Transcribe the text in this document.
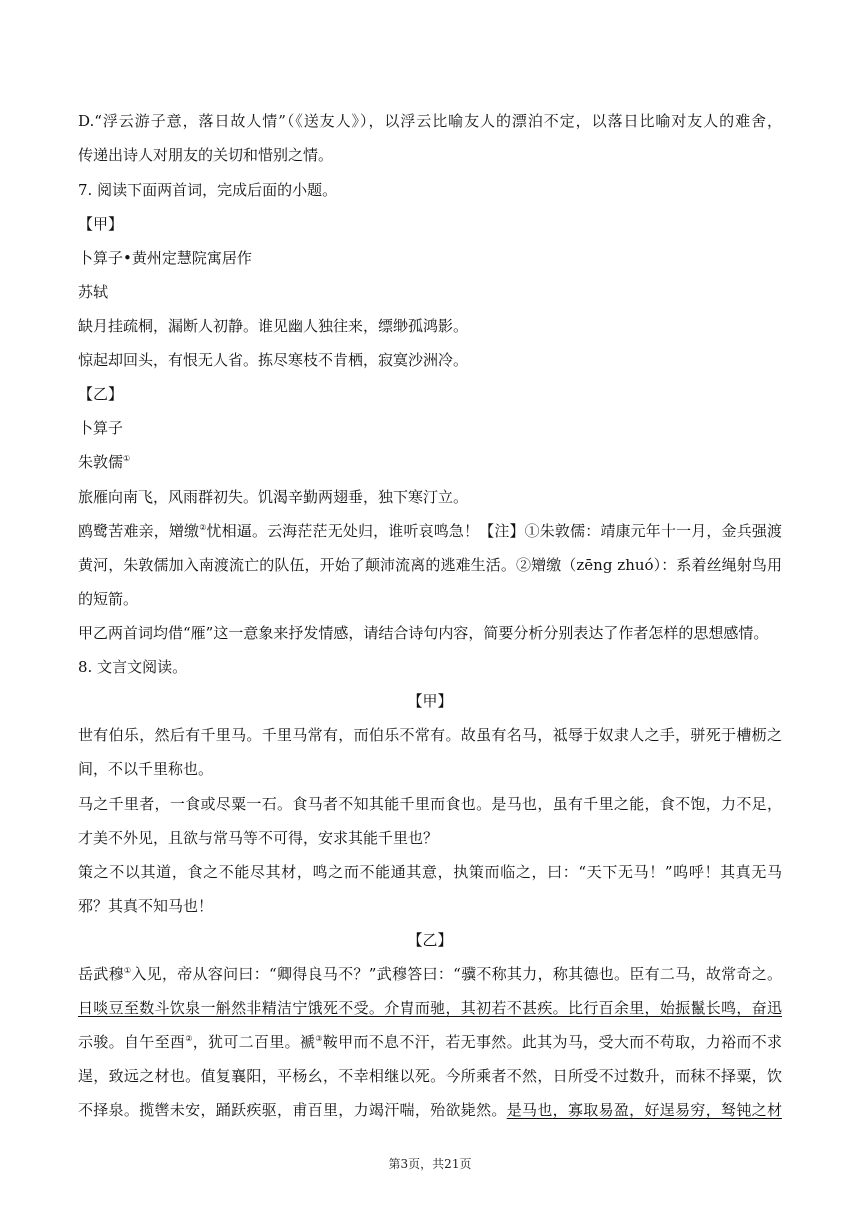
D.“浮云游子意，落日故人情”（《送友人》），以浮云比喻友人的漂泊不定，以落日比喻对友人的难舍，
传递出诗人对朋友的关切和惜别之情。
7. 阅读下面两首词，完成后面的小题。
【甲】
卜算子•黄州定慧院寓居作
苏轼
缺月挂疏桐，漏断人初静。谁见幽人独往来，缥缈孤鸿影。
惊起却回头，有恨无人省。拣尽寒枝不肯栖，寂寞沙洲冷。
【乙】
卜算子
朱敦儒①
旅雁向南飞，风雨群初失。饥渴辛勤两翅垂，独下寒汀立。
鸥鹭苦难亲，矰缴②忧相逼。云海茫茫无处归，谁听哀鸣急！【注】①朱敦儒：靖康元年十一月，金兵强渡
黄河，朱敦儒加入南渡流亡的队伍，开始了颠沛流离的逃难生活。②矰缴（zēng zhuó）：系着丝绳射鸟用
的短箭。
甲乙两首词均借“雁”这一意象来抒发情感，请结合诗句内容，简要分析分别表达了作者怎样的思想感情。
8. 文言文阅读。
【甲】
世有伯乐，然后有千里马。千里马常有，而伯乐不常有。故虽有名马，祗辱于奴隶人之手，骈死于槽枥之
间，不以千里称也。
马之千里者，一食或尽粟一石。食马者不知其能千里而食也。是马也，虽有千里之能，食不饱，力不足，
才美不外见，且欲与常马等不可得，安求其能千里也？
策之不以其道，食之不能尽其材，鸣之而不能通其意，执策而临之，曰：“天下无马！”呜呼！其真无马
邪？其真不知马也！
【乙】
岳武穆①入见，帝从容问曰：“卿得良马不？”武穆答曰：“骥不称其力，称其德也。臣有二马，故常奇之。
日啖豆至数斗饮泉一斛然非精洁宁饿死不受。介胄而驰，其初若不甚疾。比行百余里，始振鬣长鸣，奋迅
示骏。自午至酉②，犹可二百里。褫③鞍甲而不息不汗，若无事然。此其为马，受大而不苟取，力裕而不求
逞，致远之材也。值复襄阳，平杨幺，不幸相继以死。今所乘者不然，日所受不过数升，而秣不择粟，饮
不择泉。揽辔未安，踊跃疾驱，甫百里，力竭汗喘，殆欲毙然。是马也，寡取易盈，好逞易穷，驽钝之材
第3页，共21页
